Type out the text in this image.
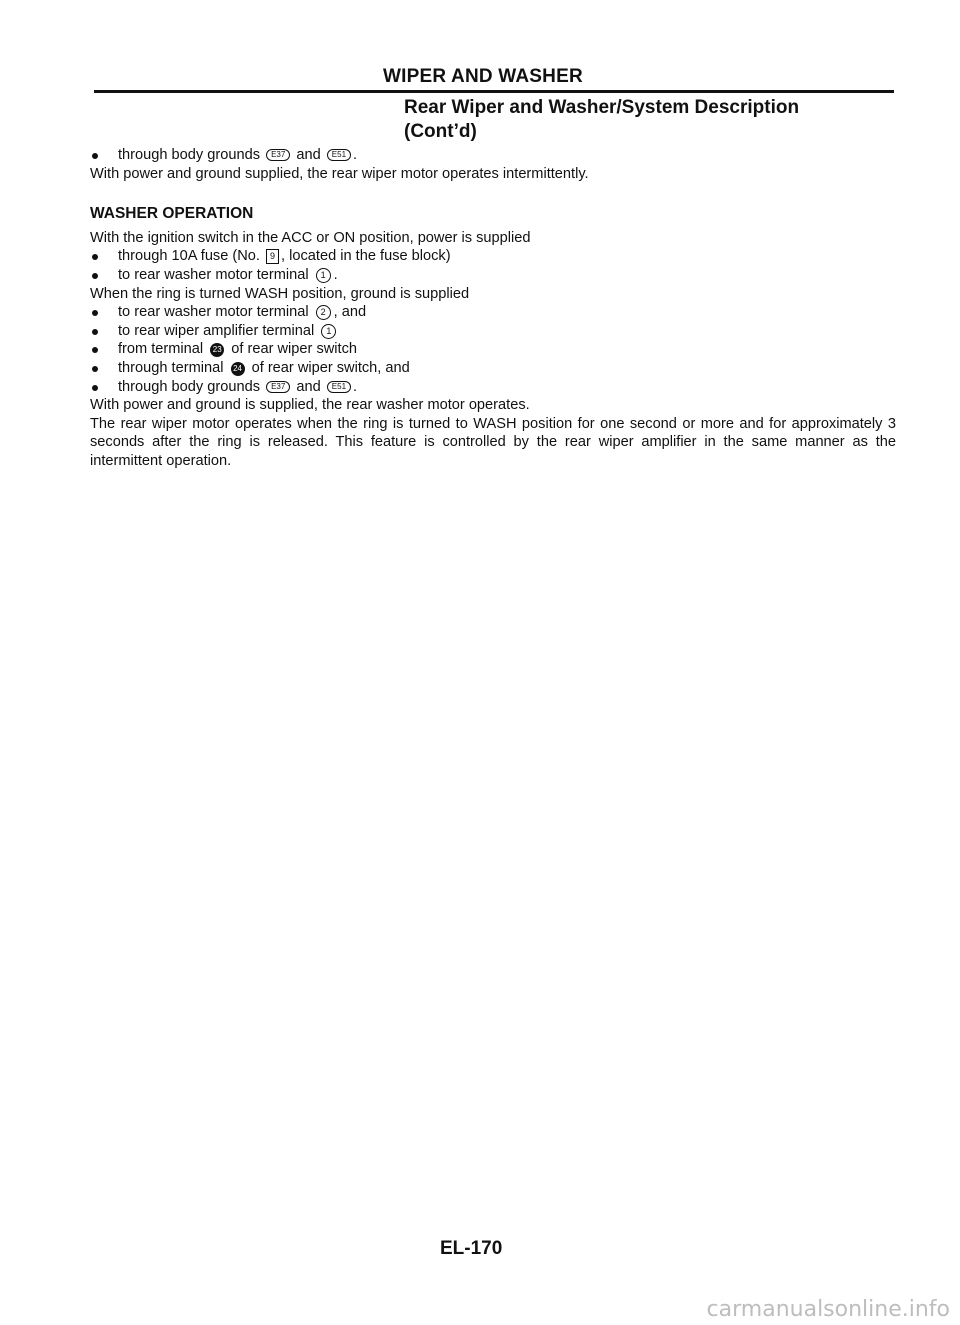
WIPER AND WASHER
Rear Wiper and Washer/System Description
(Cont’d)
through body grounds E37 and E51 .
With power and ground supplied, the rear wiper motor operates intermittently.
WASHER OPERATION
With the ignition switch in the ACC or ON position, power is supplied
through 10A fuse (No. 9 , located in the fuse block)
to rear washer motor terminal 1 .
When the ring is turned WASH position, ground is supplied
to rear washer motor terminal 2 , and
to rear wiper amplifier terminal 1
from terminal 23 of rear wiper switch
through terminal 24 of rear wiper switch, and
through body grounds E37 and E51 .
With power and ground is supplied, the rear washer motor operates.
The rear wiper motor operates when the ring is turned to WASH position for one second or more and for approximately 3 seconds after the ring is released. This feature is controlled by the rear wiper amplifier in the same manner as the intermittent operation.
EL-170
carmanualsonline.info
